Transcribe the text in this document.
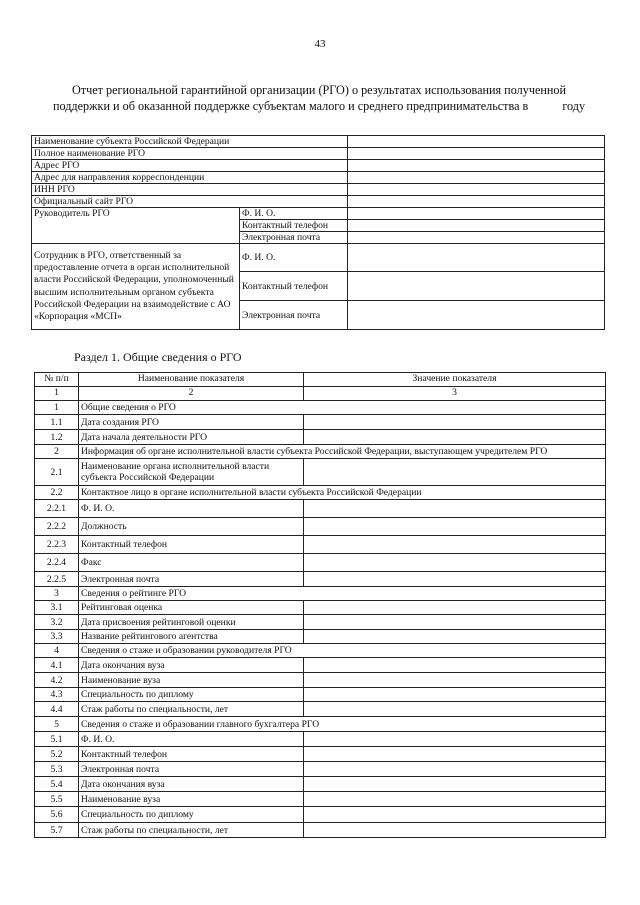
43
Отчет региональной гарантийной организации (РГО) о результатах использования полученной
поддержки и об оказанной поддержке субъектам малого и среднего предпринимательства в	году
Наименование субъекта Российской Федерации		
Полное наименование РГО		
Адрес РГО		
Адрес для направления корреспонденции		
ИНН РГО		
Официальный сайт РГО		
Руководитель РГО	Ф. И. О.	
	Контактный телефон	
	Электронная почта	
Сотрудник в РГО, ответственный за предоставление отчета в орган исполнительной власти Российской Федерации, уполномоченный высшим исполнительным органом субъекта Российской Федерации на взаимодействие с АО «Корпорация «МСП»	Ф. И. О.	
	Контактный телефон	
	Электронная почта	
Раздел 1. Общие сведения о РГО
№ п/п	Наименование показателя	Значение показателя
1	2	3
1	Общие сведения о РГО	
1.1	Дата создания РГО	
1.2	Дата начала деятельности РГО	
2	Информация об органе исполнительной власти субъекта Российской Федерации, выступающем учредителем РГО	
2.1	Наименование органа исполнительной власти субъекта Российской Федерации	
2.2	Контактное лицо в органе исполнительной власти субъекта Российской Федерации	
2.2.1	Ф. И. О.	
2.2.2	Должность	
2.2.3	Контактный телефон	
2.2.4	Факс	
2.2.5	Электронная почта	
3	Сведения о рейтинге РГО	
3.1	Рейтинговая оценка	
3.2	Дата присвоения рейтинговой оценки	
3.3	Название рейтингового агентства	
4	Сведения о стаже и образовании руководителя РГО	
4.1	Дата окончания вуза	
4.2	Наименование вуза	
4.3	Специальность по диплому	
4.4	Стаж работы по специальности, лет	
5	Сведения о стаже и образовании главного бухгалтера РГО	
5.1	Ф. И. О.	
5.2	Контактный телефон	
5.3	Электронная почта	
5.4	Дата окончания вуза	
5.5	Наименование вуза	
5.6	Специальность по диплому	
5.7	Стаж работы по специальности, лет	
